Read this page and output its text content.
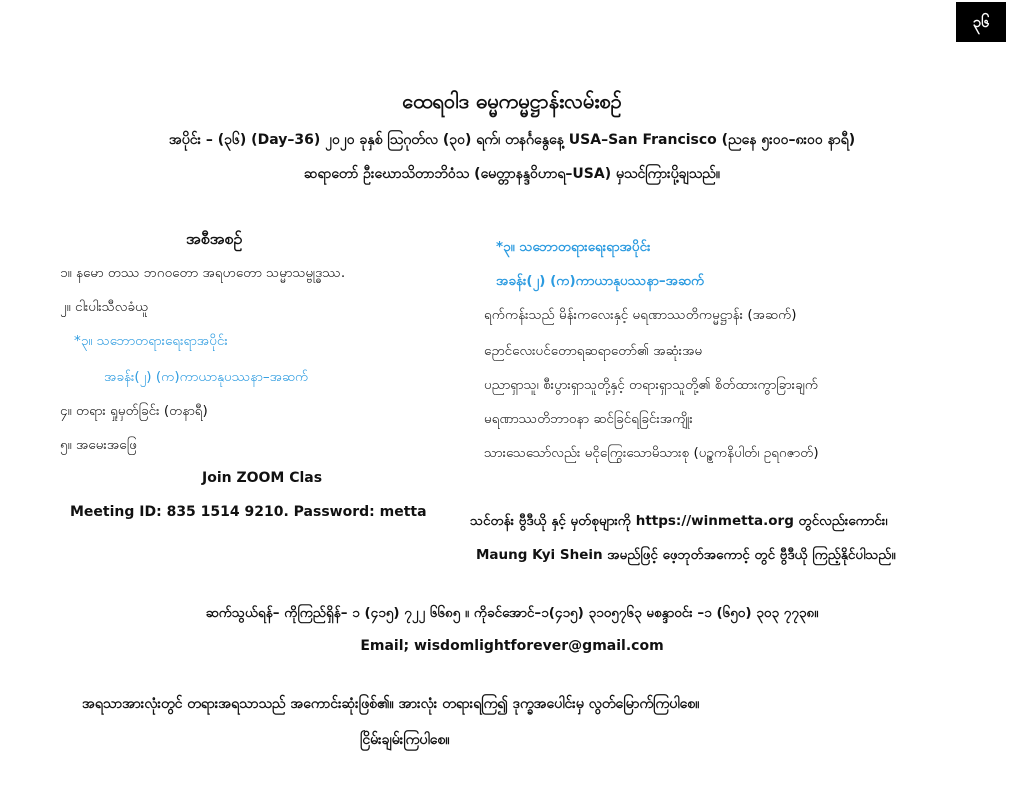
၃၆
ထေရဝါဒ ဓမ္မကမ္မဋ္ဌာန်းလမ်းစဥ်
အပိုင်း – (၃၆) (Day–36) ၂၀၂၀ ခုနှစ် ဩဂုတ်လ (၃၀) ရက်၊ တနင်္ဂနွေနေ့ USA–San Francisco (ညနေ ၅း၀၀–၈း၀၀ နာရီ)
ဆရာတော် ဦးဃောသိတာဘိဝံသ (မေတ္တာနန္ဒဝိဟာရ–USA) မှသင်ကြားပို့ချသည်။
အစီအစဥ်
၁။ နမော တဿ ဘဂဝတော အရဟတော သမ္မာသမ္ဗုဒ္ဓဿ.
၂။ ငါးပါးသီလခံယူ
*၃။ သဘောတရားရေးရာအပိုင်း
အခန်း(၂) (က)ကာယာနုပဿနာ–အဆက်
၄။ တရား ရှုမှတ်ခြင်း (တနာရီ)
၅။ အမေးအဖြေ
Join ZOOM Clas
Meeting ID: 835 1514 9210. Password: metta
*၃။ သဘောတရားရေးရာအပိုင်း
အခန်း(၂) (က)ကာယာနုပဿနာ–အဆက်
ရက်ကန်းသည် မိန်းကလေးနှင့် မရဏာဿတိကမ္မဋ္ဌာန်း (အဆက်)
ဉောင်လေးပင်တောရဆရာတော်၏ အဆုံးအမ
ပညာရှာသူ၊ စီးပွားရှာသူတို့နှင့် တရားရှာသူတို့၏ စိတ်ထားကွာခြားချက်
မရဏာဿတိဘာဝနာ ဆင်ခြင်ရခြင်းအကျိုး
သားသေသော်လည်း မငိုကြွေးသောမိသားစု (ပဥ္စကနိပါတ်၊ ဥရဂဇာတ်)
သင်တန်း ဗွီဒီယို နှင့် မှတ်စုများကို https://winmetta.org တွင်လည်းကောင်း၊
Maung Kyi Shein အမည်ဖြင့် ဖေ့ဘုတ်အကောင့် တွင် ဗွီဒီယို ကြည့်နိုင်ပါသည်။
ဆက်သွယ်ရန်– ကိုကြည်ရှိန်– ၁ (၄၁၅) ၇၂၂ ၆၆၈၅ ။ ကိုခင်အောင်–၁(၄၁၅) ၃၁၀၅၇၆၃ မစန္ဒာဝင်း –၁ (၆၅၀) ၃၀၃ ၇၇၃၈။
Email; wisdomlightforever@gmail.com
အရသာအားလုံးတွင် တရားအရသာသည် အကောင်းဆုံးဖြစ်၏။ အားလုံး တရားရကြ၍ ဒုက္ခအပေါင်းမှ လွတ်မြောက်ကြပါစေ။
ငြိမ်းချမ်းကြပါစေ။
